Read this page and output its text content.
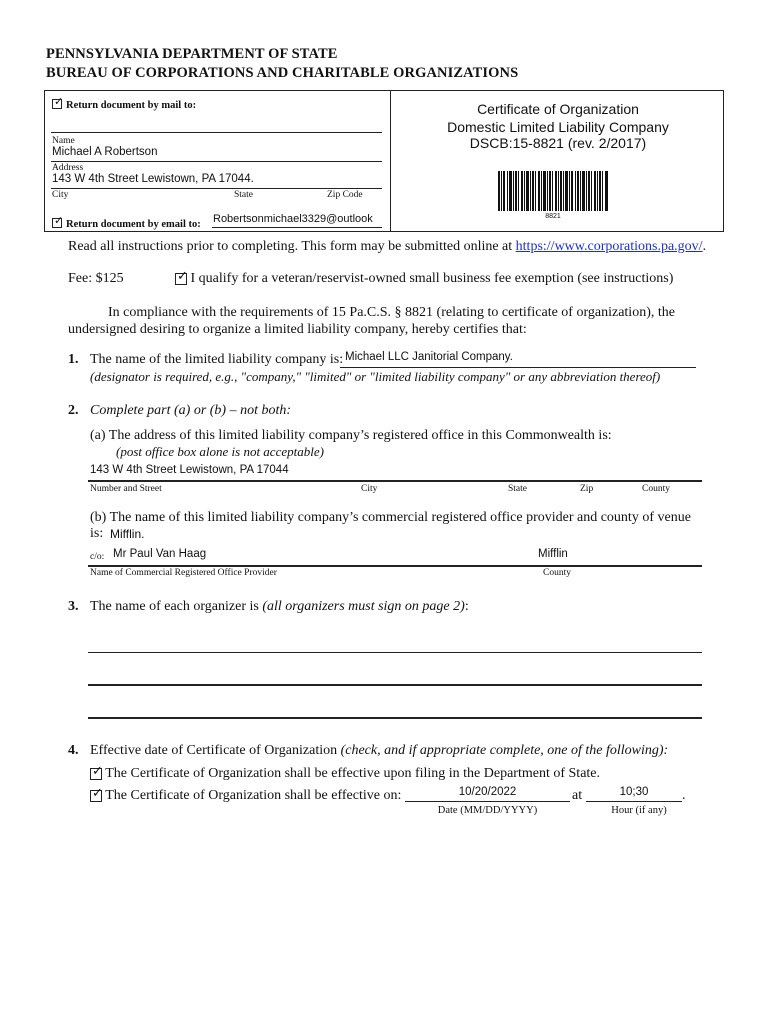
PENNSYLVANIA DEPARTMENT OF STATE
BUREAU OF CORPORATIONS AND CHARITABLE ORGANIZATIONS
✓ Return document by mail to:
Name
Michael A Robertson
Address
143 W 4th Street Lewistown, PA 17044.
City	State	Zip Code
✓ Return document by email to: Robertsonmichael3329@outlook
Certificate of Organization
Domestic Limited Liability Company
DSCB:15-8821 (rev. 2/2017)
8821
Read all instructions prior to completing. This form may be submitted online at https://www.corporations.pa.gov/.
Fee: $125	✓ I qualify for a veteran/reservist-owned small business fee exemption (see instructions)
In compliance with the requirements of 15 Pa.C.S. § 8821 (relating to certificate of organization), the
undersigned desiring to organize a limited liability company, hereby certifies that:
1. The name of the limited liability company is: Michael LLC Janitorial Company.
(designator is required, e.g., "company," "limited" or "limited liability company" or any abbreviation thereof)
2. Complete part (a) or (b) – not both:
(a) The address of this limited liability company’s registered office in this Commonwealth is:
(post office box alone is not acceptable)
143 W 4th Street Lewistown, PA 17044
Number and Street	City	State	Zip	County
(b) The name of this limited liability company’s commercial registered office provider and county of venue
is: Mifflin.
c/o: Mr Paul Van Haag	Mifflin
Name of Commercial Registered Office Provider	County
3. The name of each organizer is (all organizers must sign on page 2):
4. Effective date of Certificate of Organization (check, and if appropriate complete, one of the following):
✓ The Certificate of Organization shall be effective upon filing in the Department of State.
✓ The Certificate of Organization shall be effective on:	10/20/2022	at	10;30	.
Date (MM/DD/YYYY)	Hour (if any)
